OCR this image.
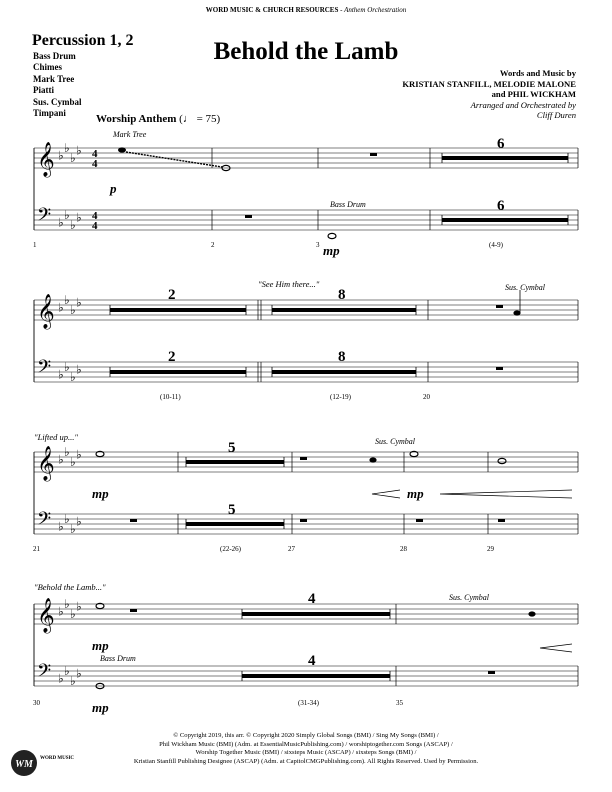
WORD MUSIC & CHURCH RESOURCES - Anthem Orchestration
Percussion 1, 2
Bass Drum
Chimes
Mark Tree
Piatti
Sus. Cymbal
Timpani
Behold the Lamb
Words and Music by
KRISTIAN STANFILL, MELODIE MALONE
and PHIL WICKHAM
Arranged and Orchestrated by
Cliff Duren
Worship Anthem (♩ = 75)
𝄞
𝄢
♭
♭
♭
♭
♭
♭
♭
♭
4
4
4
4
𝄞
𝄢
♭
♭
♭
♭
♭
♭
♭
♭
𝄞
𝄢
♭
♭
♭
♭
♭
♭
♭
♭
𝄞
𝄢
♭
♭
♭
♭
♭
♭
♭
♭
Mark Tree
p
Bass Drum
mp
6
6
1	2	3	(4-9)
"See Him there..."
2
2
8
8
Sus. Cymbal
(10-11)	(12-19)	20
"Lifted up..."
5
5
Sus. Cymbal
mp	mp
21	(22-26)	27	28	29
"Behold the Lamb..."
4
4
Sus. Cymbal
mp
Bass Drum
mp
30	(31-34)	35
© Copyright 2019, this arr. © Copyright 2020 Simply Global Songs (BMI) / Sing My Songs (BMI) /
Phil Wickham Music (BMI) (Adm. at EssentialMusicPublishing.com) / worshiptogether.com Songs (ASCAP) /
Worship Together Music (BMI) / sixsteps Music (ASCAP) / sixsteps Songs (BMI) /
Kristian Stanfill Publishing Designee (ASCAP) (Adm. at CapitolCMGPublishing.com). All Rights Reserved. Used by Permission.
WM
WORD MUSIC
